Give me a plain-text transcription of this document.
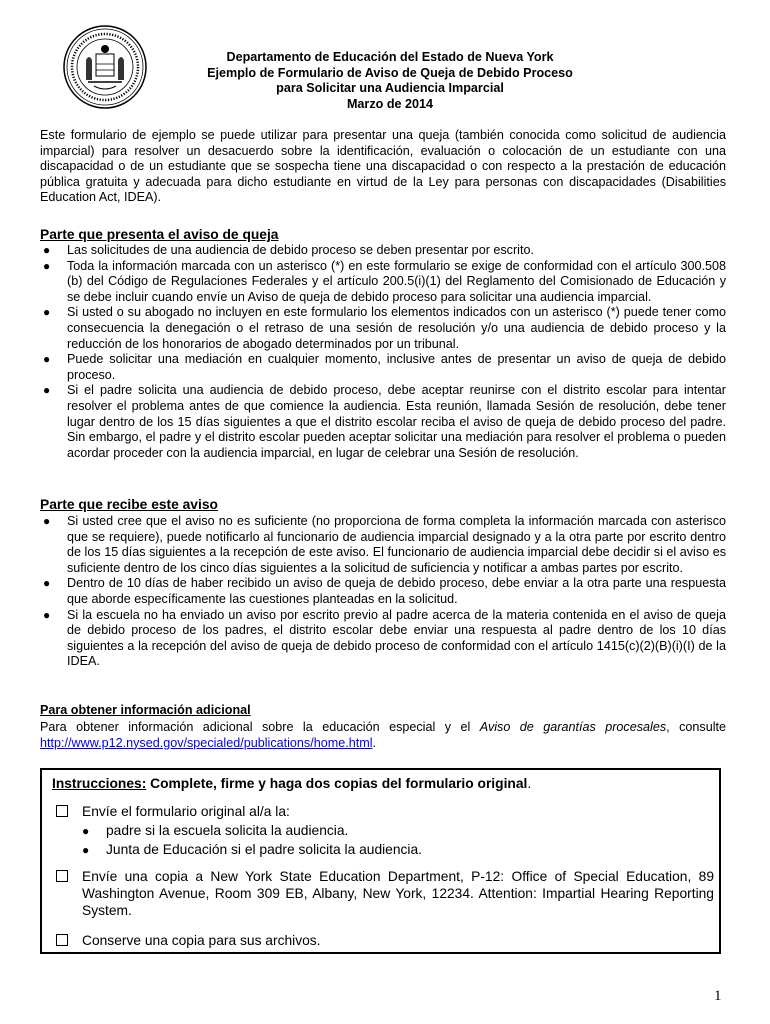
Departamento de Educación del Estado de Nueva York
Ejemplo de Formulario de Aviso de Queja de Debido Proceso
para Solicitar una Audiencia Imparcial
Marzo de 2014
Este formulario de ejemplo se puede utilizar para presentar una queja (también conocida como solicitud de audiencia imparcial) para resolver un desacuerdo sobre la identificación, evaluación o colocación de un estudiante con una discapacidad o de un estudiante que se sospecha tiene una discapacidad o con respecto a la prestación de educación pública gratuita y adecuada para dicho estudiante en virtud de la Ley para personas con discapacidades (Disabilities Education Act, IDEA).
Parte que presenta el aviso de queja
● Las solicitudes de una audiencia de debido proceso se deben presentar por escrito.
● Toda la información marcada con un asterisco (*) en este formulario se exige de conformidad con el artículo 300.508 (b) del Código de Regulaciones Federales y el artículo 200.5(i)(1) del Reglamento del Comisionado de Educación y se debe incluir cuando envíe un Aviso de queja de debido proceso para solicitar una audiencia imparcial.
● Si usted o su abogado no incluyen en este formulario los elementos indicados con un asterisco (*) puede tener como consecuencia la denegación o el retraso de una sesión de resolución y/o una audiencia de debido proceso y la reducción de los honorarios de abogado determinados por un tribunal.
● Puede solicitar una mediación en cualquier momento, inclusive antes de presentar un aviso de queja de debido proceso.
● Si el padre solicita una audiencia de debido proceso, debe aceptar reunirse con el distrito escolar para intentar resolver el problema antes de que comience la audiencia. Esta reunión, llamada Sesión de resolución, debe tener lugar dentro de los 15 días siguientes a que el distrito escolar reciba el aviso de queja de debido proceso del padre. Sin embargo, el padre y el distrito escolar pueden aceptar solicitar una mediación para resolver el problema o pueden acordar proceder con la audiencia imparcial, en lugar de celebrar una Sesión de resolución.
Parte que recibe este aviso
● Si usted cree que el aviso no es suficiente (no proporciona de forma completa la información marcada con asterisco que se requiere), puede notificarlo al funcionario de audiencia imparcial designado y a la otra parte por escrito dentro de los 15 días siguientes a la recepción de este aviso. El funcionario de audiencia imparcial debe decidir si el aviso es suficiente dentro de los cinco días siguientes a la solicitud de suficiencia y notificar a ambas partes por escrito.
● Dentro de 10 días de haber recibido un aviso de queja de debido proceso, debe enviar a la otra parte una respuesta que aborde específicamente las cuestiones planteadas en la solicitud.
● Si la escuela no ha enviado un aviso por escrito previo al padre acerca de la materia contenida en el aviso de queja de debido proceso de los padres, el distrito escolar debe enviar una respuesta al padre dentro de los 10 días siguientes a la recepción del aviso de queja de debido proceso de conformidad con el artículo 1415(c)(2)(B)(i)(I) de la IDEA.
Para obtener información adicional
Para obtener información adicional sobre la educación especial y el Aviso de garantías procesales, consulte http://www.p12.nysed.gov/specialed/publications/home.html.
Instrucciones: Complete, firme y haga dos copias del formulario original.
Envíe el formulario original al/a la:
● padre si la escuela solicita la audiencia.
● Junta de Educación si el padre solicita la audiencia.
Envíe una copia a New York State Education Department, P-12: Office of Special Education, 89 Washington Avenue, Room 309 EB, Albany, New York, 12234. Attention: Impartial Hearing Reporting System.
Conserve una copia para sus archivos.
1
